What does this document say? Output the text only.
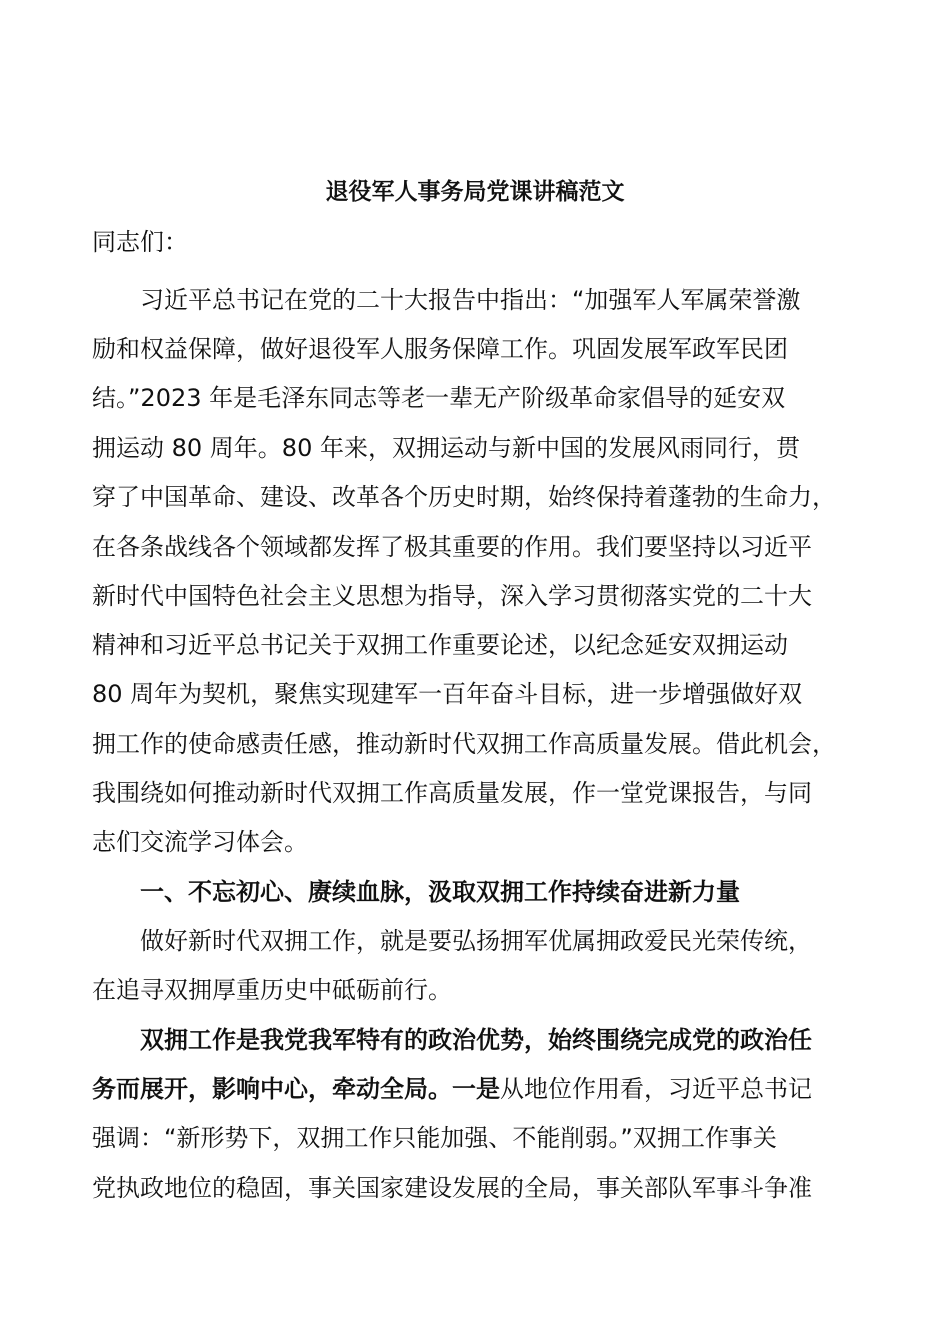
退役军人事务局党课讲稿范文
同志们：
习近平总书记在党的二十大报告中指出：“加强军人军属荣誉激
励和权益保障，做好退役军人服务保障工作。巩固发展军政军民团
结。”2023 年是毛泽东同志等老一辈无产阶级革命家倡导的延安双
拥运动 80 周年。80 年来，双拥运动与新中国的发展风雨同行，贯
穿了中国革命、建设、改革各个历史时期，始终保持着蓬勃的生命力，
在各条战线各个领域都发挥了极其重要的作用。我们要坚持以习近平
新时代中国特色社会主义思想为指导，深入学习贯彻落实党的二十大
精神和习近平总书记关于双拥工作重要论述，以纪念延安双拥运动
80 周年为契机，聚焦实现建军一百年奋斗目标，进一步增强做好双
拥工作的使命感责任感，推动新时代双拥工作高质量发展。借此机会，
我围绕如何推动新时代双拥工作高质量发展，作一堂党课报告，与同
志们交流学习体会。
一、不忘初心、赓续血脉，汲取双拥工作持续奋进新力量
做好新时代双拥工作，就是要弘扬拥军优属拥政爱民光荣传统，
在追寻双拥厚重历史中砥砺前行。
双拥工作是我党我军特有的政治优势，始终围绕完成党的政治任
务而展开，影响中心，牵动全局。一是从地位作用看，习近平总书记
强调：“新形势下，双拥工作只能加强、不能削弱。”双拥工作事关
党执政地位的稳固，事关国家建设发展的全局，事关部队军事斗争准
